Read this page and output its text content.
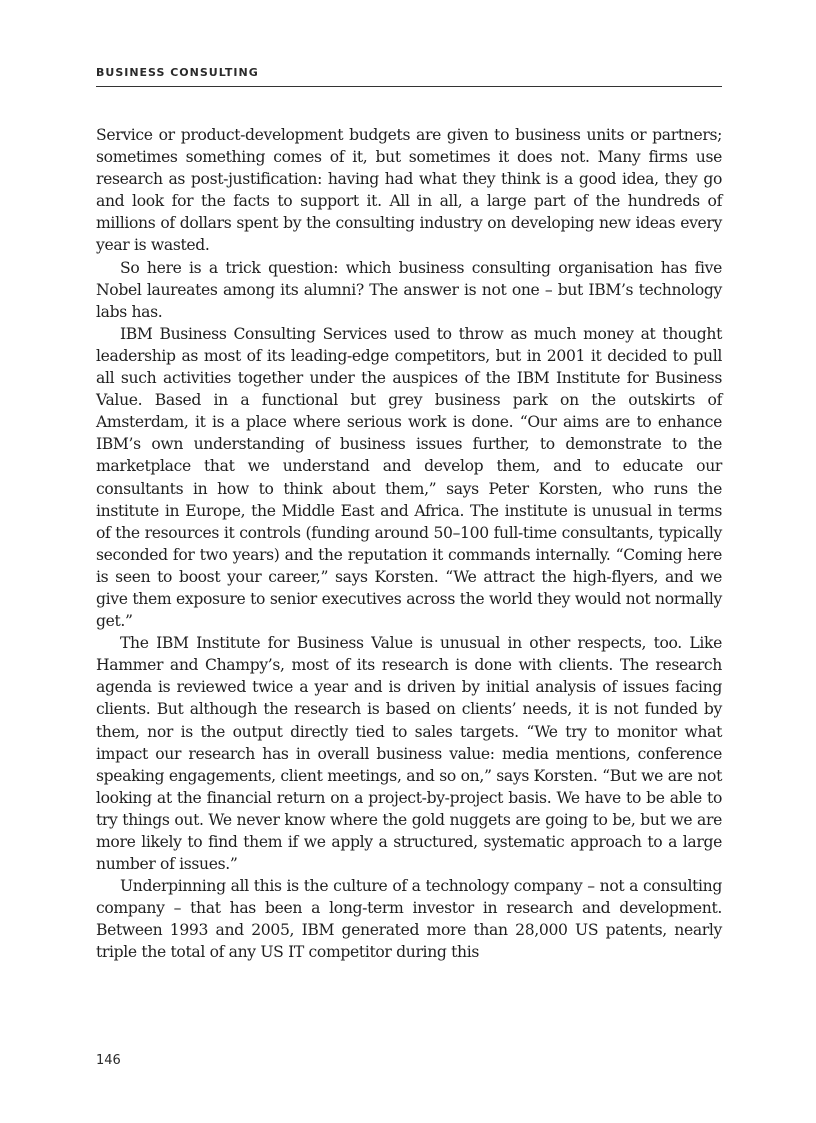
BUSINESS CONSULTING

Service or product-development budgets are given to business units or partners; sometimes something comes of it, but sometimes it does not. Many firms use research as post-justification: having had what they think is a good idea, they go and look for the facts to support it. All in all, a large part of the hundreds of millions of dollars spent by the consulting industry on developing new ideas every year is wasted.

So here is a trick question: which business consulting organisation has five Nobel laureates among its alumni? The answer is not one – but IBM’s technology labs has.

IBM Business Consulting Services used to throw as much money at thought leadership as most of its leading-edge competitors, but in 2001 it decided to pull all such activities together under the auspices of the IBM Institute for Business Value. Based in a functional but grey business park on the outskirts of Amsterdam, it is a place where serious work is done. “Our aims are to enhance IBM’s own understanding of business issues further, to demonstrate to the marketplace that we understand and develop them, and to educate our consultants in how to think about them,” says Peter Korsten, who runs the institute in Europe, the Middle East and Africa. The institute is unusual in terms of the resources it controls (funding around 50–100 full-time consultants, typically seconded for two years) and the reputation it commands internally. “Coming here is seen to boost your career,” says Korsten. “We attract the high-flyers, and we give them exposure to senior executives across the world they would not normally get.”

The IBM Institute for Business Value is unusual in other respects, too. Like Hammer and Champy’s, most of its research is done with clients. The research agenda is reviewed twice a year and is driven by initial analysis of issues facing clients. But although the research is based on clients’ needs, it is not funded by them, nor is the output directly tied to sales targets. “We try to monitor what impact our research has in overall business value: media mentions, conference speaking engagements, client meetings, and so on,” says Korsten. “But we are not looking at the financial return on a project-by-project basis. We have to be able to try things out. We never know where the gold nuggets are going to be, but we are more likely to find them if we apply a structured, systematic approach to a large number of issues.”

Underpinning all this is the culture of a technology company – not a consulting company – that has been a long-term investor in research and development. Between 1993 and 2005, IBM generated more than 28,000 US patents, nearly triple the total of any US IT competitor during this

146
